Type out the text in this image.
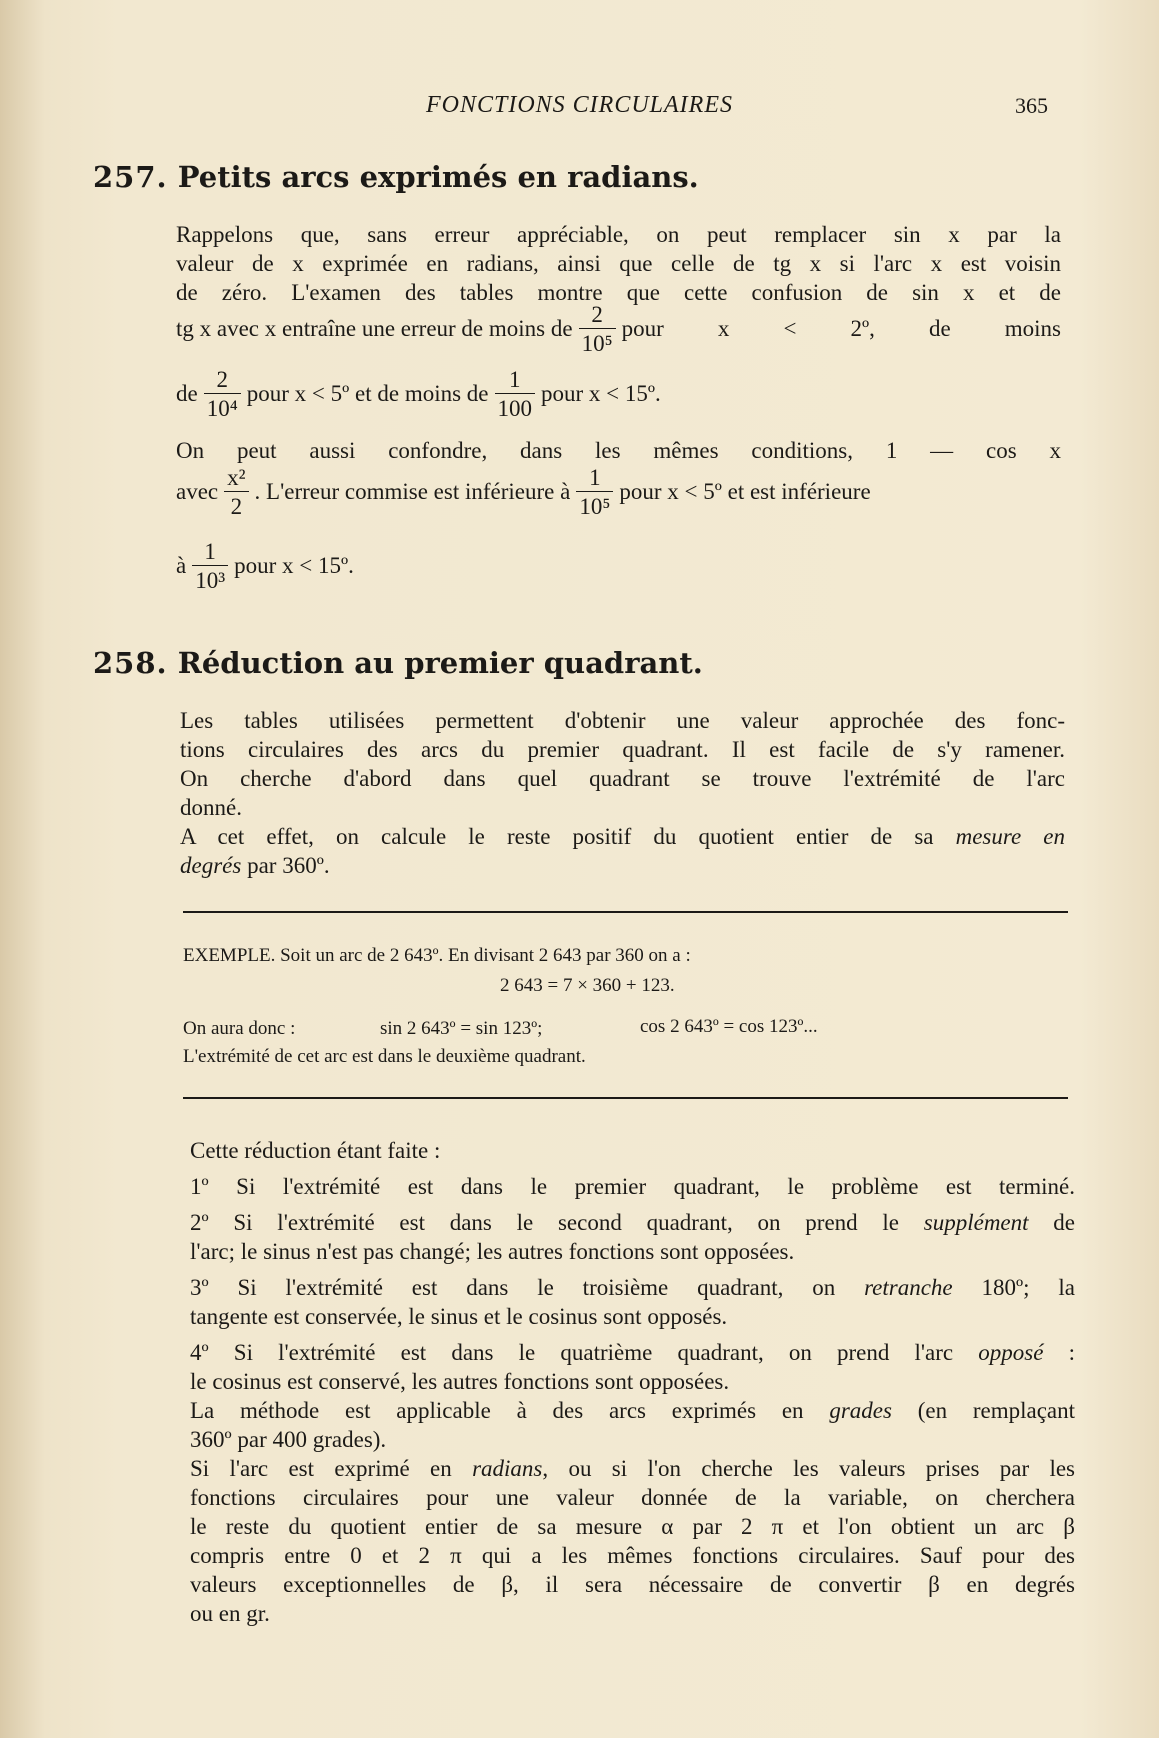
FONCTIONS CIRCULAIRES	365
257. Petits arcs exprimés en radians.
Rappelons que, sans erreur appréciable, on peut remplacer sin x par la
valeur de x exprimée en radians, ainsi que celle de tg x si l'arc x est voisin
de zéro. L'examen des tables montre que cette confusion de sin x et de
tg x avec x entraîne une erreur de moins de $\frac{2}{\text{10⁵}}$ pour x < 2º, de moins
de $\frac{2}{\text{10⁴}}$ pour x < 5º et de moins de $\frac{1}{100}$ pour x < 15º.
On peut aussi confondre, dans les mêmes conditions, 1 — cos x
avec $\frac{\text{x²}}{2}$ . L'erreur commise est inférieure à $\frac{1}{\text{10⁵}}$ pour x < 5º et est inférieure
à $\frac{1}{\text{10³}}$ pour x < 15º.
258. Réduction au premier quadrant.
Les tables utilisées permettent d'obtenir une valeur approchée des fonc-
tions circulaires des arcs du premier quadrant. Il est facile de s'y ramener.
On cherche d'abord dans quel quadrant se trouve l'extrémité de l'arc
donné.
A cet effet, on calcule le reste positif du quotient entier de sa mesure en
degrés par 360º.
EXEMPLE. Soit un arc de 2 643º. En divisant 2 643 par 360 on a :
2 643 = 7 × 360 + 123.
On aura donc :	sin 2 643º = sin 123º;	cos 2 643º = cos 123º...
L'extrémité de cet arc est dans le deuxième quadrant.
Cette réduction étant faite :
1º Si l'extrémité est dans le premier quadrant, le problème est terminé.
2º Si l'extrémité est dans le second quadrant, on prend le supplément de
l'arc; le sinus n'est pas changé; les autres fonctions sont opposées.
3º Si l'extrémité est dans le troisième quadrant, on retranche 180º; la
tangente est conservée, le sinus et le cosinus sont opposés.
4º Si l'extrémité est dans le quatrième quadrant, on prend l'arc opposé :
le cosinus est conservé, les autres fonctions sont opposées.
La méthode est applicable à des arcs exprimés en grades (en remplaçant
360º par 400 grades).
Si l'arc est exprimé en radians, ou si l'on cherche les valeurs prises par les
fonctions circulaires pour une valeur donnée de la variable, on cherchera
le reste du quotient entier de sa mesure α par 2 π et l'on obtient un arc β
compris entre 0 et 2 π qui a les mêmes fonctions circulaires. Sauf pour des
valeurs exceptionnelles de β, il sera nécessaire de convertir β en degrés
ou en gr.
